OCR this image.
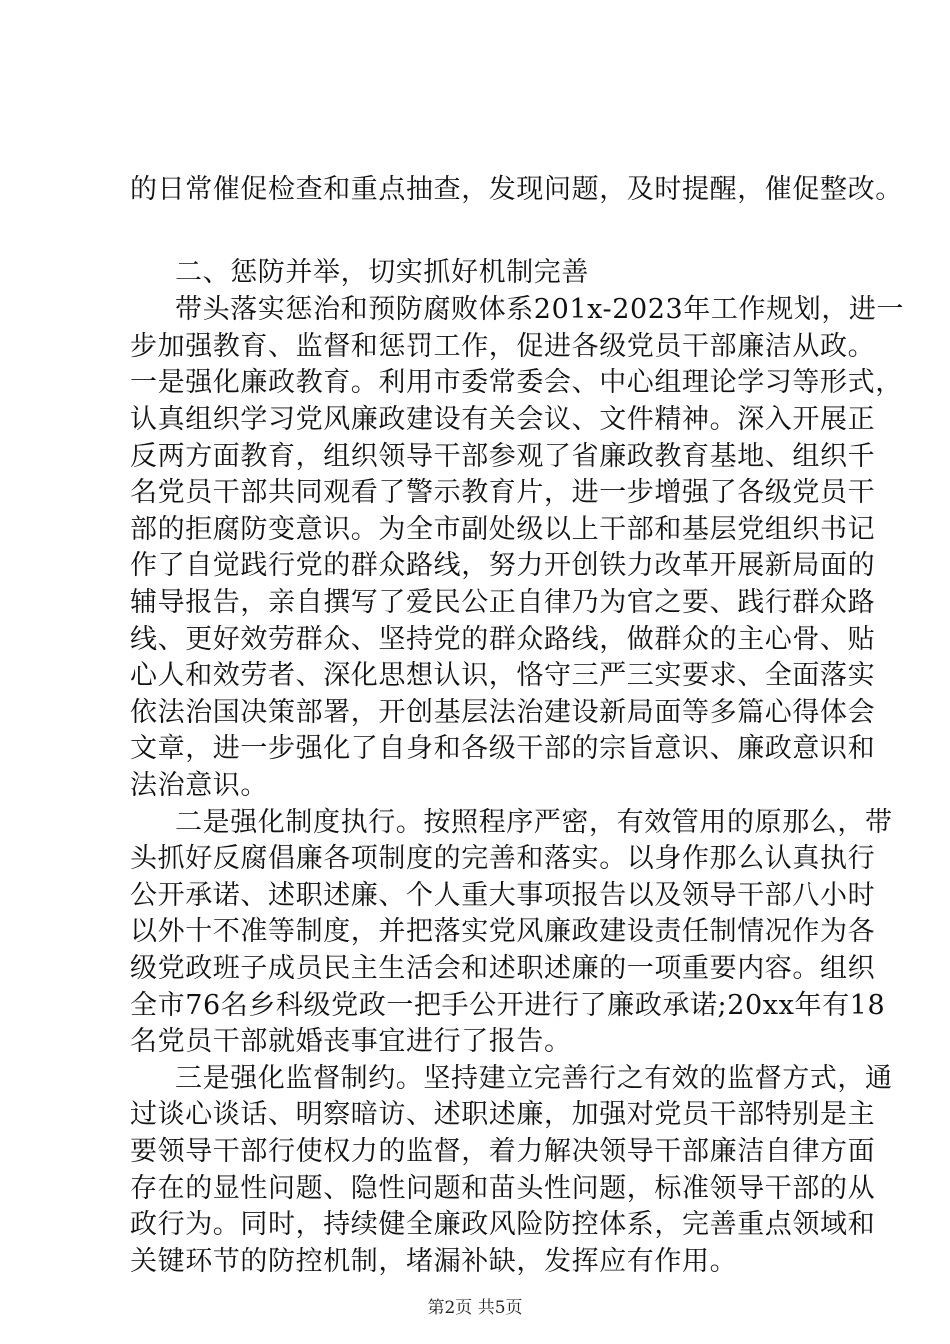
的日常催促检查和重点抽查，发现问题，及时提醒，催促整改。
二、惩防并举，切实抓好机制完善
带头落实惩治和预防腐败体系201x-2023年工作规划，进一
步加强教育、监督和惩罚工作，促进各级党员干部廉洁从政。
一是强化廉政教育。利用市委常委会、中心组理论学习等形式，
认真组织学习党风廉政建设有关会议、文件精神。深入开展正
反两方面教育，组织领导干部参观了省廉政教育基地、组织千
名党员干部共同观看了警示教育片，进一步增强了各级党员干
部的拒腐防变意识。为全市副处级以上干部和基层党组织书记
作了自觉践行党的群众路线，努力开创铁力改革开展新局面的
辅导报告，亲自撰写了爱民公正自律乃为官之要、践行群众路
线、更好效劳群众、坚持党的群众路线，做群众的主心骨、贴
心人和效劳者、深化思想认识，恪守三严三实要求、全面落实
依法治国决策部署，开创基层法治建设新局面等多篇心得体会
文章，进一步强化了自身和各级干部的宗旨意识、廉政意识和
法治意识。
二是强化制度执行。按照程序严密，有效管用的原那么，带
头抓好反腐倡廉各项制度的完善和落实。以身作那么认真执行
公开承诺、述职述廉、个人重大事项报告以及领导干部八小时
以外十不准等制度，并把落实党风廉政建设责任制情况作为各
级党政班子成员民主生活会和述职述廉的一项重要内容。组织
全市76名乡科级党政一把手公开进行了廉政承诺;20xx年有18
名党员干部就婚丧事宜进行了报告。
三是强化监督制约。坚持建立完善行之有效的监督方式，通
过谈心谈话、明察暗访、述职述廉，加强对党员干部特别是主
要领导干部行使权力的监督，着力解决领导干部廉洁自律方面
存在的显性问题、隐性问题和苗头性问题，标准领导干部的从
政行为。同时，持续健全廉政风险防控体系，完善重点领域和
关键环节的防控机制，堵漏补缺，发挥应有作用。
第2页 共5页
